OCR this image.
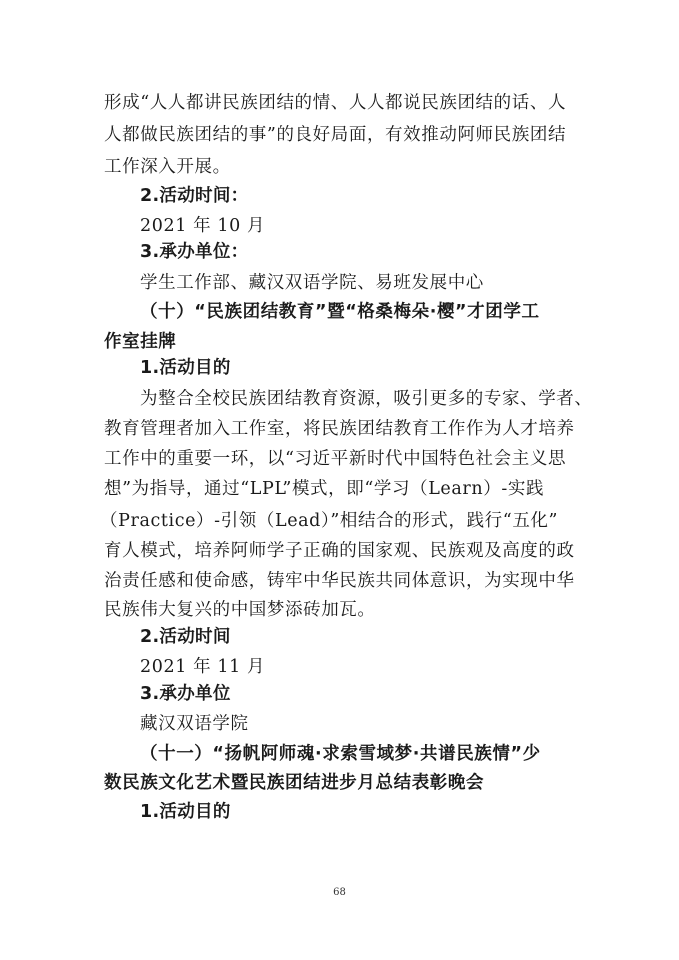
形成“人人都讲民族团结的情、人人都说民族团结的话、人
人都做民族团结的事”的良好局面，有效推动阿师民族团结
工作深入开展。
2.活动时间：
2021 年 10 月
3.承办单位：
学生工作部、藏汉双语学院、易班发展中心
（十）“民族团结教育”暨“格桑梅朵·樱”才团学工
作室挂牌
1.活动目的
为整合全校民族团结教育资源，吸引更多的专家、学者、
教育管理者加入工作室，将民族团结教育工作作为人才培养
工作中的重要一环，以“习近平新时代中国特色社会主义思
想”为指导，通过“LPL”模式，即“学习（Learn）-实践
（Practice）-引领（Lead）”相结合的形式，践行“五化”
育人模式，培养阿师学子正确的国家观、民族观及高度的政
治责任感和使命感，铸牢中华民族共同体意识，为实现中华
民族伟大复兴的中国梦添砖加瓦。
2.活动时间
2021 年 11 月
3.承办单位
藏汉双语学院
（十一）“扬帆阿师魂·求索雪域梦·共谱民族情”少
数民族文化艺术暨民族团结进步月总结表彰晚会
1.活动目的
68
